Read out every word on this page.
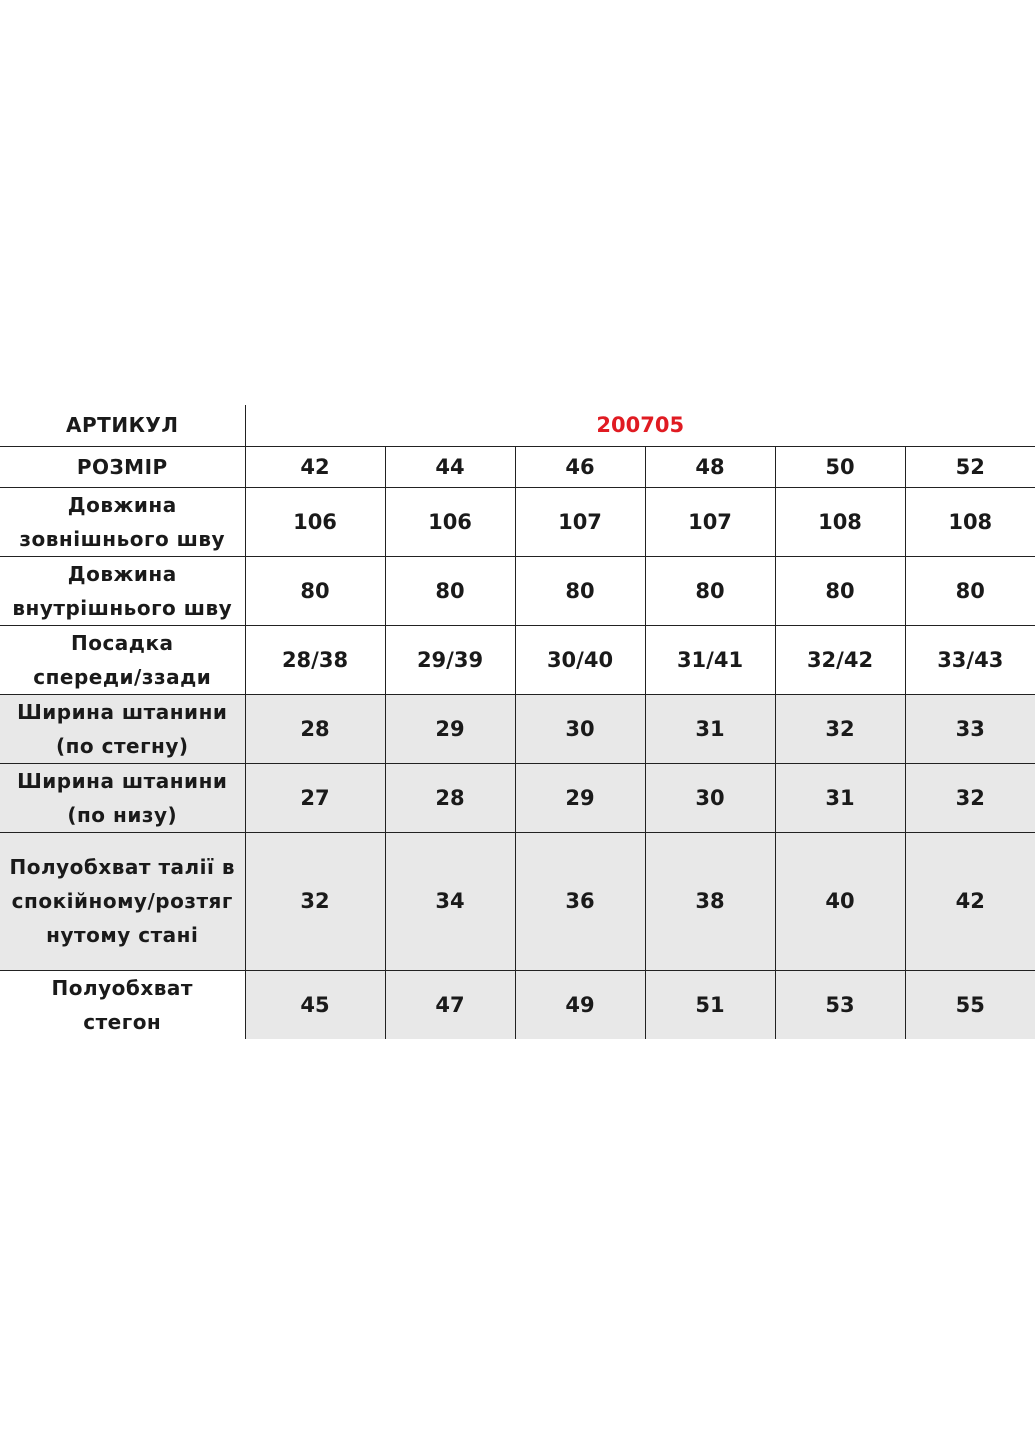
АРТИКУЛ	200705					
РОЗМІР	42	44	46	48	50	52
Довжина
зовнішнього шву	106	106	107	107	108	108
Довжина
внутрішнього шву	80	80	80	80	80	80
Посадка
спереди/ззади	28/38	29/39	30/40	31/41	32/42	33/43
Ширина штанини
(по стегну)	28	29	30	31	32	33
Ширина штанини
(по низу)	27	28	29	30	31	32
Полуобхват талії в
спокійному/розтяг
нутому стані	32	34	36	38	40	42
Полуобхват
стегон	45	47	49	51	53	55
